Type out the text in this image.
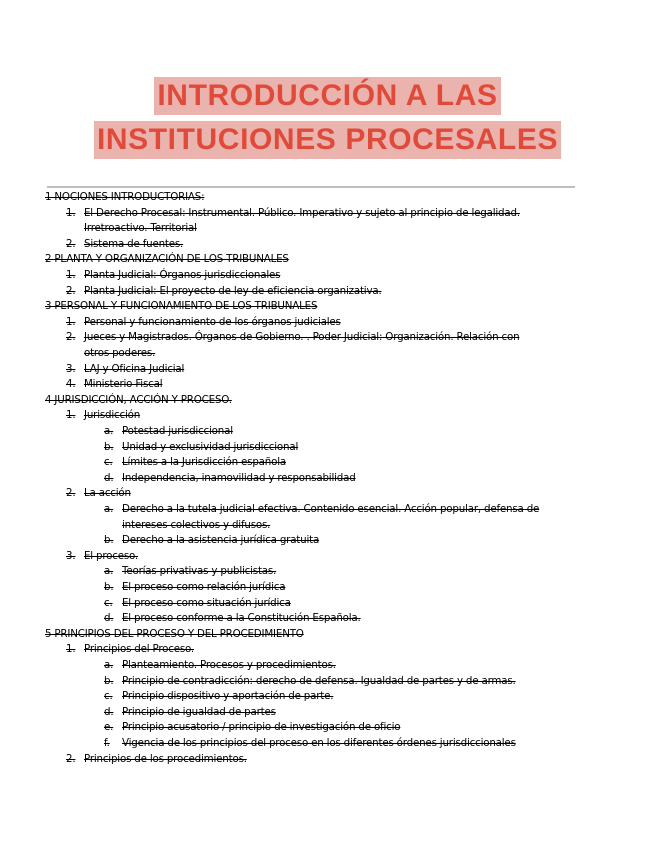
INTRODUCCIÓN A LAS
INSTITUCIONES PROCESALES
1 NOCIONES INTRODUCTORIAS:
1. El Derecho Procesal: Instrumental. Público. Imperativo y sujeto al principio de legalidad.
Irretroactivo. Territorial
2. Sistema de fuentes.
2 PLANTA Y ORGANIZACIÓN DE LOS TRIBUNALES
1. Planta Judicial: Órganos jurisdiccionales
2. Planta Judicial: El proyecto de ley de eficiencia organizativa.
3 PERSONAL Y FUNCIONAMIENTO DE LOS TRIBUNALES
1. Personal y funcionamiento de los órganos judiciales
2. Jueces y Magistrados. Órganos de Gobierno. . Poder Judicial: Organización. Relación con
otros poderes.
3. LAJ y Oficina Judicial
4. Ministerio Fiscal
4 JURISDICCIÓN, ACCIÓN Y PROCESO.
1. Jurisdicción
a. Potestad jurisdiccional
b. Unidad y exclusividad jurisdiccional
c. Límites a la Jurisdicción española
d. Independencia, inamovilidad y responsabilidad
2. La acción
a. Derecho a la tutela judicial efectiva. Contenido esencial. Acción popular, defensa de
intereses colectivos y difusos.
b. Derecho a la asistencia jurídica gratuita
3. El proceso.
a. Teorías privativas y publicistas.
b. El proceso como relación jurídica
c. El proceso como situación jurídica
d. El proceso conforme a la Constitución Española.
5 PRINCIPIOS DEL PROCESO Y DEL PROCEDIMIENTO
1. Principios del Proceso.
a. Planteamiento. Procesos y procedimientos.
b. Principio de contradicción: derecho de defensa. Igualdad de partes y de armas.
c. Principio dispositivo y aportación de parte.
d. Principio de igualdad de partes
e. Principio acusatorio / principio de investigación de oficio
f.	Vigencia de los principios del proceso en los diferentes órdenes jurisdiccionales
2. Principios de los procedimientos.
